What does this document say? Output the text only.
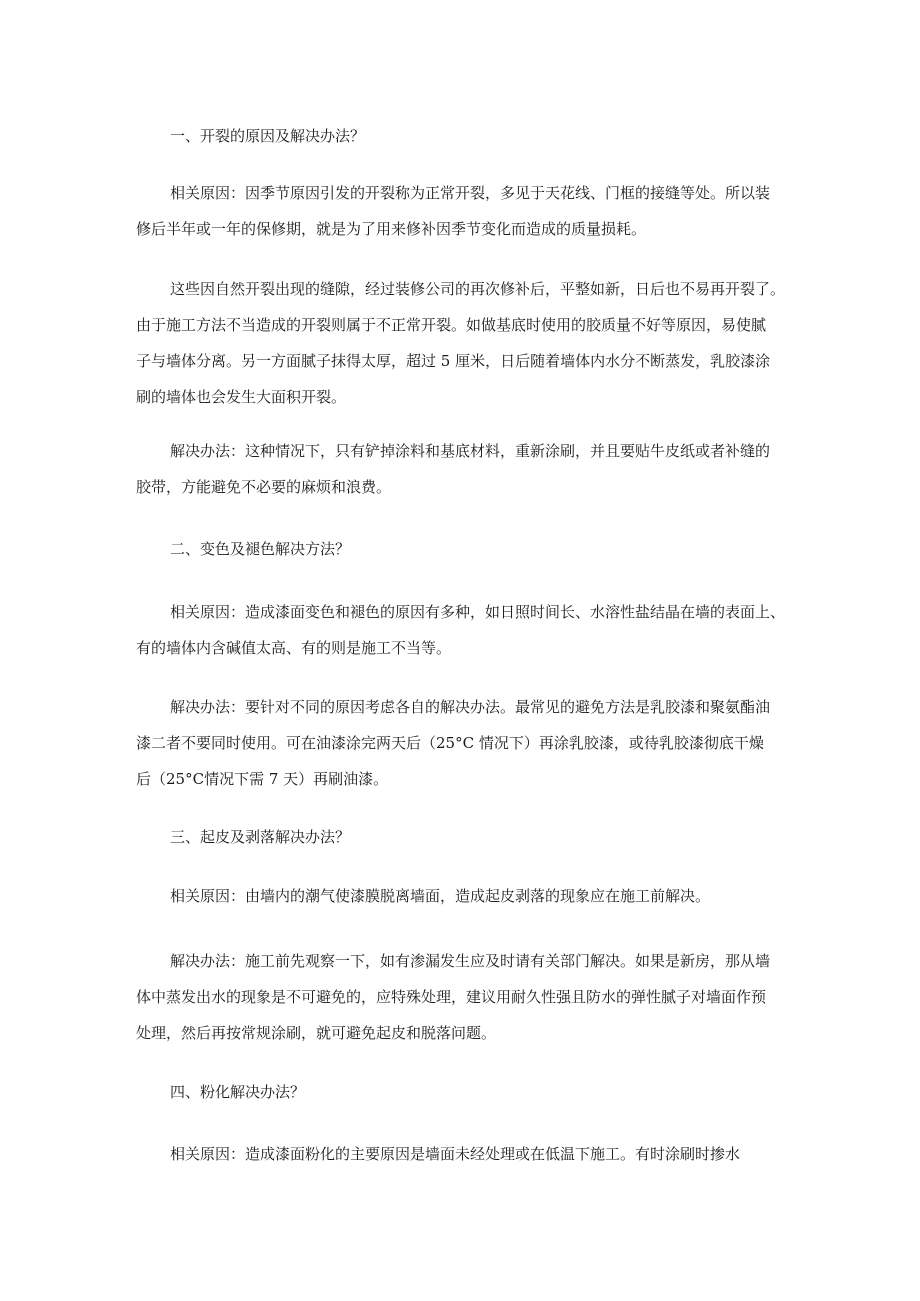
一、开裂的原因及解决办法？

相关原因：因季节原因引发的开裂称为正常开裂，多见于天花线、门框的接缝等处。所以装
修后半年或一年的保修期，就是为了用来修补因季节变化而造成的质量损耗。

这些因自然开裂出现的缝隙，经过装修公司的再次修补后，平整如新，日后也不易再开裂了。
由于施工方法不当造成的开裂则属于不正常开裂。如做基底时使用的胶质量不好等原因，易使腻
子与墙体分离。另一方面腻子抹得太厚，超过 5 厘米，日后随着墙体内水分不断蒸发，乳胶漆涂
刷的墙体也会发生大面积开裂。

解决办法：这种情况下，只有铲掉涂料和基底材料，重新涂刷，并且要贴牛皮纸或者补缝的
胶带，方能避免不必要的麻烦和浪费。

二、变色及褪色解决方法？

相关原因：造成漆面变色和褪色的原因有多种，如日照时间长、水溶性盐结晶在墙的表面上、
有的墙体内含碱值太高、有的则是施工不当等。

解决办法：要针对不同的原因考虑各自的解决办法。最常见的避免方法是乳胶漆和聚氨酯油
漆二者不要同时使用。可在油漆涂完两天后（25°C 情况下）再涂乳胶漆，或待乳胶漆彻底干燥
后（25°C情况下需 7 天）再刷油漆。

三、起皮及剥落解决办法？

相关原因：由墙内的潮气使漆膜脱离墙面，造成起皮剥落的现象应在施工前解决。

解决办法：施工前先观察一下，如有渗漏发生应及时请有关部门解决。如果是新房，那从墙
体中蒸发出水的现象是不可避免的，应特殊处理，建议用耐久性强且防水的弹性腻子对墙面作预
处理，然后再按常规涂刷，就可避免起皮和脱落问题。

四、粉化解决办法？

相关原因：造成漆面粉化的主要原因是墙面未经处理或在低温下施工。有时涂刷时掺水
